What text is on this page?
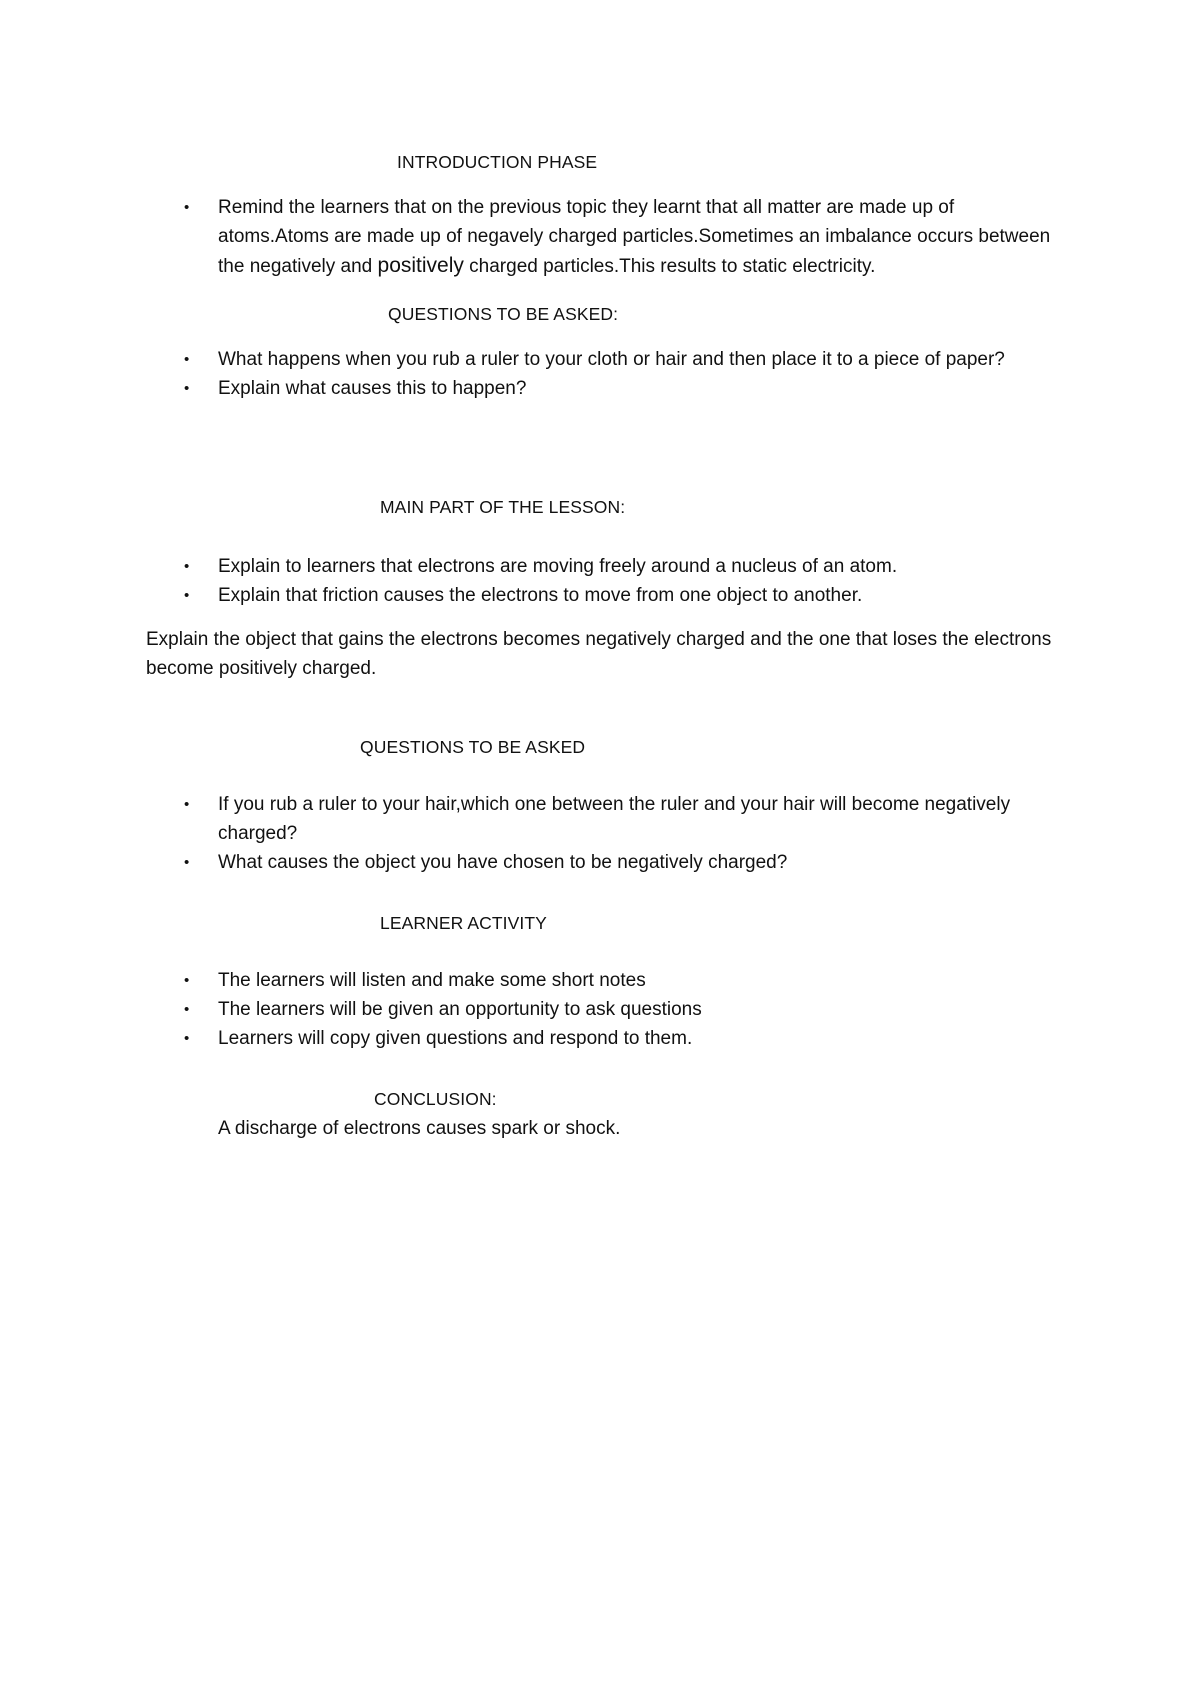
INTRODUCTION PHASE
• Remind the learners that on the previous topic they learnt that all matter are made up of atoms.Atoms are made up of negavely charged particles.Sometimes an imbalance occurs between the negatively and positively charged particles.This results to static electricity.
QUESTIONS TO BE ASKED:
• What happens when you rub a ruler to your cloth or hair and then place it to a piece of paper?
• Explain what causes this to happen?
MAIN PART OF THE LESSON:
• Explain to learners that electrons are moving freely around a nucleus of an atom.
• Explain that friction causes the electrons to move from one object to another.

Explain the object that gains the electrons becomes negatively charged and the one that loses the electrons become positively charged.

QUESTIONS TO BE ASKED
• If you rub a ruler to your hair,which one between the ruler and your hair will become negatively charged?
• What causes the object you have chosen to be negatively charged?
LEARNER ACTIVITY
• The learners will listen and make some short notes
• The learners will be given an opportunity to ask questions
• Learners will copy given questions and respond to them.
CONCLUSION:
A discharge of electrons causes spark or shock.
